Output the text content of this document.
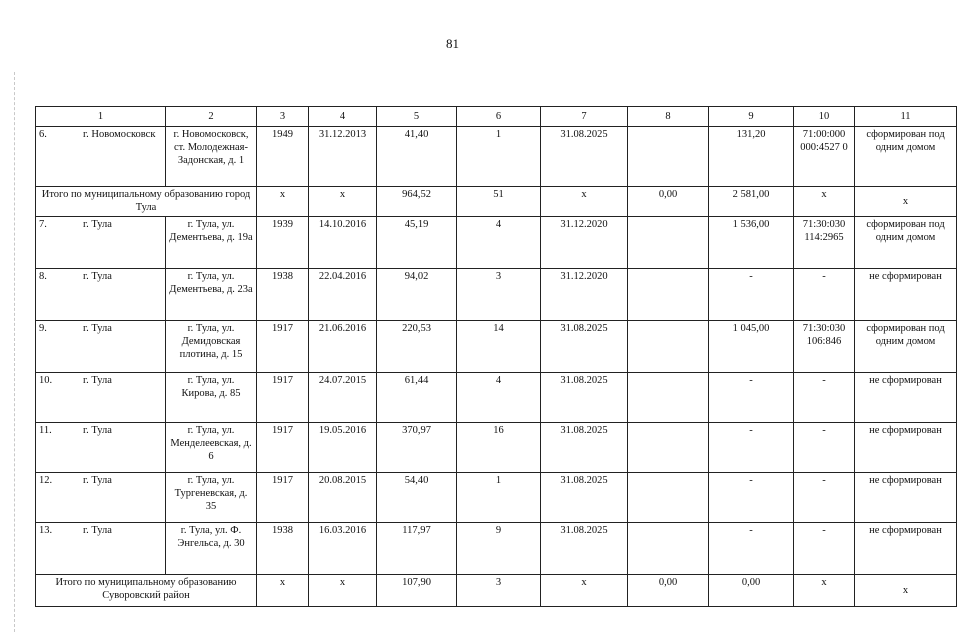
81
1	2	3	4	5	6	7	8	9	10	11
6. г. Новомосковск	г. Новомосковск, ст. Молодежная-Задонская, д. 1	1949	31.12.2013	41,40	1	31.08.2025		131,20	71:00:000 000:4527 0	сформирован под одним домом
Итого по муниципальному образованию город Тула		x	x	964,52	51	x	0,00	2 581,00	x	x
7. г. Тула	г. Тула, ул. Дементьева, д. 19а	1939	14.10.2016	45,19	4	31.12.2020		1 536,00	71:30:030 114:2965	сформирован под одним домом
8. г. Тула	г. Тула, ул. Дементьева, д. 23а	1938	22.04.2016	94,02	3	31.12.2020		-	-	не сформирован
9. г. Тула	г. Тула, ул. Демидовская плотина, д. 15	1917	21.06.2016	220,53	14	31.08.2025		1 045,00	71:30:030 106:846	сформирован под одним домом
10. г. Тула	г. Тула, ул. Кирова, д. 85	1917	24.07.2015	61,44	4	31.08.2025		-	-	не сформирован
11. г. Тула	г. Тула, ул. Менделеевская, д. 6	1917	19.05.2016	370,97	16	31.08.2025		-	-	не сформирован
12. г. Тула	г. Тула, ул. Тургеневская, д. 35	1917	20.08.2015	54,40	1	31.08.2025		-	-	не сформирован
13. г. Тула	г. Тула, ул. Ф. Энгельса, д. 30	1938	16.03.2016	117,97	9	31.08.2025		-	-	не сформирован
Итого по муниципальному образованию Суворовский район		x	x	107,90	3	x	0,00	0,00	x	x
